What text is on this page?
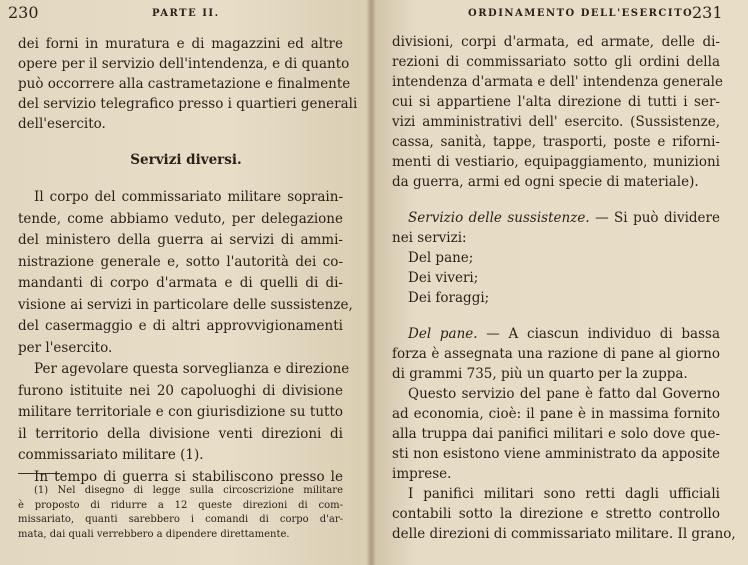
230	PARTE II.
dei forni in muratura e di magazzini ed altre
opere per il servizio dell'intendenza, e di quanto
può occorrere alla castrametazione e finalmente
del servizio telegrafico presso i quartieri generali
dell'esercito.
Servizi diversi.
Il corpo del commissariato militare soprain-
tende, come abbiamo veduto, per delegazione
del ministero della guerra ai servizi di ammi-
nistrazione generale e, sotto l'autorità dei co-
mandanti di corpo d'armata e di quelli di di-
visione ai servizi in particolare delle sussistenze,
del casermaggio e di altri approvvigionamenti
per l'esercito.
Per agevolare questa sorveglianza e direzione
furono istituite nei 20 capoluoghi di divisione
militare territoriale e con giurisdizione su tutto
il territorio della divisione venti direzioni di
commissariato militare (1).
In tempo di guerra si stabiliscono presso le
(1) Nel disegno di legge sulla circoscrizione militare
è proposto di ridurre a 12 queste direzioni di com-
missariato, quanti sarebbero i comandi di corpo d'ar-
mata, dai quali verrebbero a dipendere direttamente.
ORDINAMENTO DELL'ESERCITO
231
divisioni, corpi d'armata, ed armate, delle di-
rezioni di commissariato sotto gli ordini della
intendenza d'armata e dell' intendenza generale
cui si appartiene l'alta direzione di tutti i ser-
vizi amministrativi dell' esercito. (Sussistenze,
cassa, sanità, tappe, trasporti, poste e riforni-
menti di vestiario, equipaggiamento, munizioni
da guerra, armi ed ogni specie di materiale).
Servizio delle sussistenze. — Si può dividere
nei servizi:
Del pane;
Dei viveri;
Dei foraggi;
Del pane. — A ciascun individuo di bassa
forza è assegnata una razione di pane al giorno
di grammi 735, più un quarto per la zuppa.
Questo servizio del pane è fatto dal Governo
ad economia, cioè: il pane è in massima fornito
alla truppa dai panifici militari e solo dove que-
sti non esistono viene amministrato da apposite
imprese.
I panifici militari sono retti dagli ufficiali
contabili sotto la direzione e stretto controllo
delle direzioni di commissariato militare. Il grano,
